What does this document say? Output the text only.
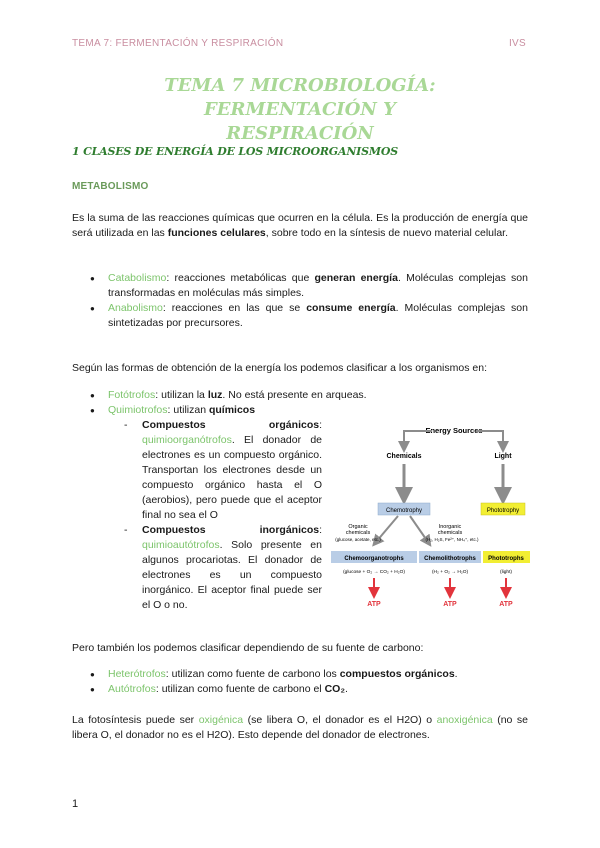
TEMA 7: FERMENTACIÓN Y RESPIRACIÓN	IVS
TEMA 7 MICROBIOLOGÍA: FERMENTACIÓN Y
RESPIRACIÓN
1 CLASES DE ENERGÍA DE LOS MICROORGANISMOS
METABOLISMO
Es la suma de las reacciones químicas que ocurren en la célula. Es la producción de energía que será utilizada en las funciones celulares, sobre todo en la síntesis de nuevo material celular.
● Catabolismo: reacciones metabólicas que generan energía. Moléculas complejas son transformadas en moléculas más simples.
● Anabolismo: reacciones en las que se consume energía. Moléculas complejas son sintetizadas por precursores.
Según las formas de obtención de la energía los podemos clasificar a los organismos en:
● Fotótrofos: utilizan la luz. No está presente en arqueas.
● Quimiotrofos: utilizan químicos
- Compuestos orgánicos: quimioorganótrofos. El donador de electrones es un compuesto orgánico. Transportan los electrones desde un compuesto orgánico hasta el O (aerobios), pero puede que el aceptor final no sea el O
- Compuestos inorgánicos: quimioautótrofos. Solo presente en algunos procariotas. El donador de electrones es un compuesto inorgánico. El aceptor final puede ser el O o no.
Energy Sources
Chemicals	Light
Chemotrophy	Phototrophy
Organic
chemicals
(glucose, acetate, etc.)
Inorganic
chemicals
(H₂, H₂S, Fe²⁺, NH₄⁺, etc.)
Chemoorganotrophs	Chemolithotrophs Phototrophs
(glucose + O₂ → CO₂ + H₂O)	(H₂ + O₂ → H₂O)	(light)
ATP	ATP	ATP
Pero también los podemos clasificar dependiendo de su fuente de carbono:
● Heterótrofos: utilizan como fuente de carbono los compuestos orgánicos.
● Autótrofos: utilizan como fuente de carbono el CO₂.
La fotosíntesis puede ser oxigénica (se libera O, el donador es el H2O) o anoxigénica (no se libera O, el donador no es el H2O). Esto depende del donador de electrones.
1
